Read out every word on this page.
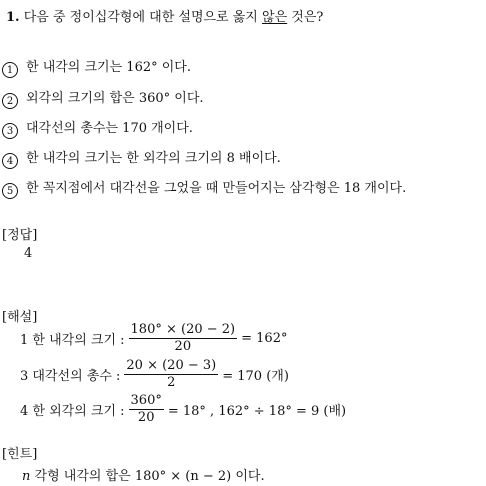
1. 다음 중 정이십각형에 대한 설명으로 옳지 않은 것은?
1 한 내각의 크기는 162° 이다.
2 외각의 크기의 합은 360° 이다.
3 대각선의 총수는 170 개이다.
4 한 내각의 크기는 한 외각의 크기의 8 배이다.
5 한 꼭지점에서 대각선을 그었을 때 만들어지는 삼각형은 18 개이다.
[정답]
4
[해설]
1 한 내각의 크기 : $\frac{180^\circ \times (20 - 2)}{20} = 162^\circ$
3 대각선의 총수 : $\frac{20 \times (20 - 3)}{2} = 170$ (개)
4 한 외각의 크기 : $\frac{360^\circ}{20} = 18^\circ$ , 162° ÷ 18° = 9 (배)
[힌트]
n 각형 내각의 합은 180° × (n − 2) 이다.
